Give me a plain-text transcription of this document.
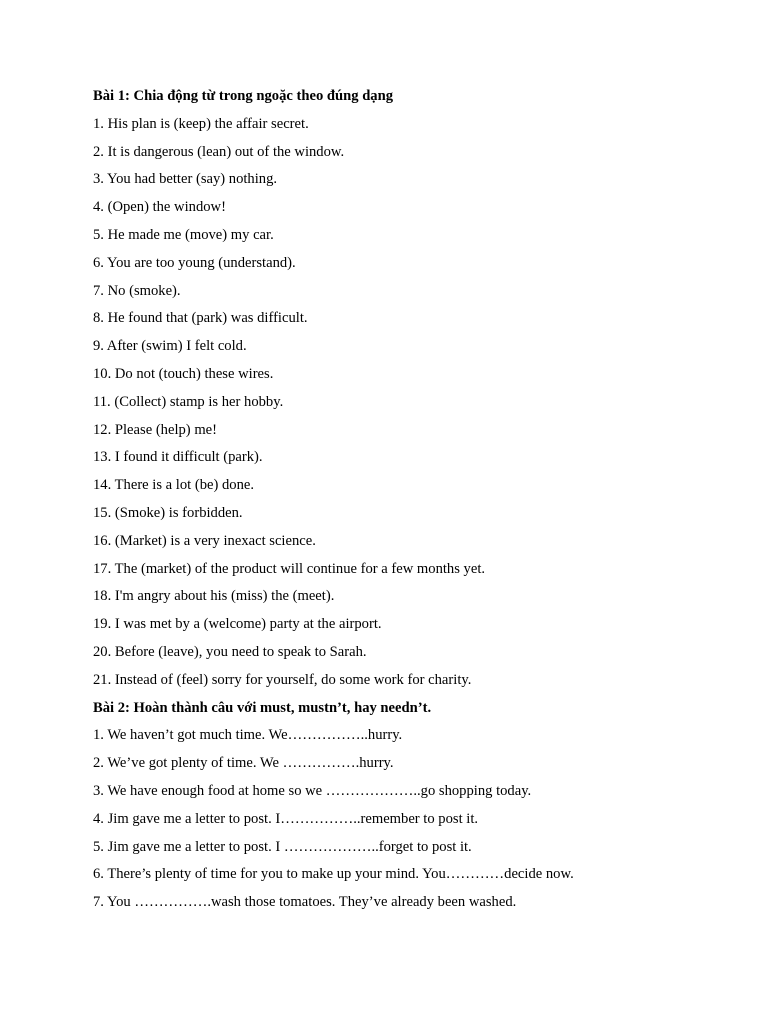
Bài 1: Chia động từ trong ngoặc theo đúng dạng
1. His plan is (keep) the affair secret.
2. It is dangerous (lean) out of the window.
3. You had better (say) nothing.
4. (Open) the window!
5. He made me (move) my car.
6. You are too young (understand).
7. No (smoke).
8. He found that (park) was difficult.
9. After (swim) I felt cold.
10. Do not (touch) these wires.
11. (Collect) stamp is her hobby.
12. Please (help) me!
13. I found it difficult (park).
14. There is a lot (be) done.
15. (Smoke) is forbidden.
16. (Market) is a very inexact science.
17. The (market) of the product will continue for a few months yet.
18. I'm angry about his (miss) the (meet).
19. I was met by a (welcome) party at the airport.
20. Before (leave), you need to speak to Sarah.
21. Instead of (feel) sorry for yourself, do some work for charity.
Bài 2: Hoàn thành câu với must, mustn’t, hay needn’t.
1. We haven’t got much time. We……………..hurry.
2. We’ve got plenty of time. We …………….hurry.
3. We have enough food at home so we ………………..go shopping today.
4. Jim gave me a letter to post. I……………..remember to post it.
5. Jim gave me a letter to post. I ………………..forget to post it.
6. There’s plenty of time for you to make up your mind. You…………decide now.
7. You …………….wash those tomatoes. They’ve already been washed.
